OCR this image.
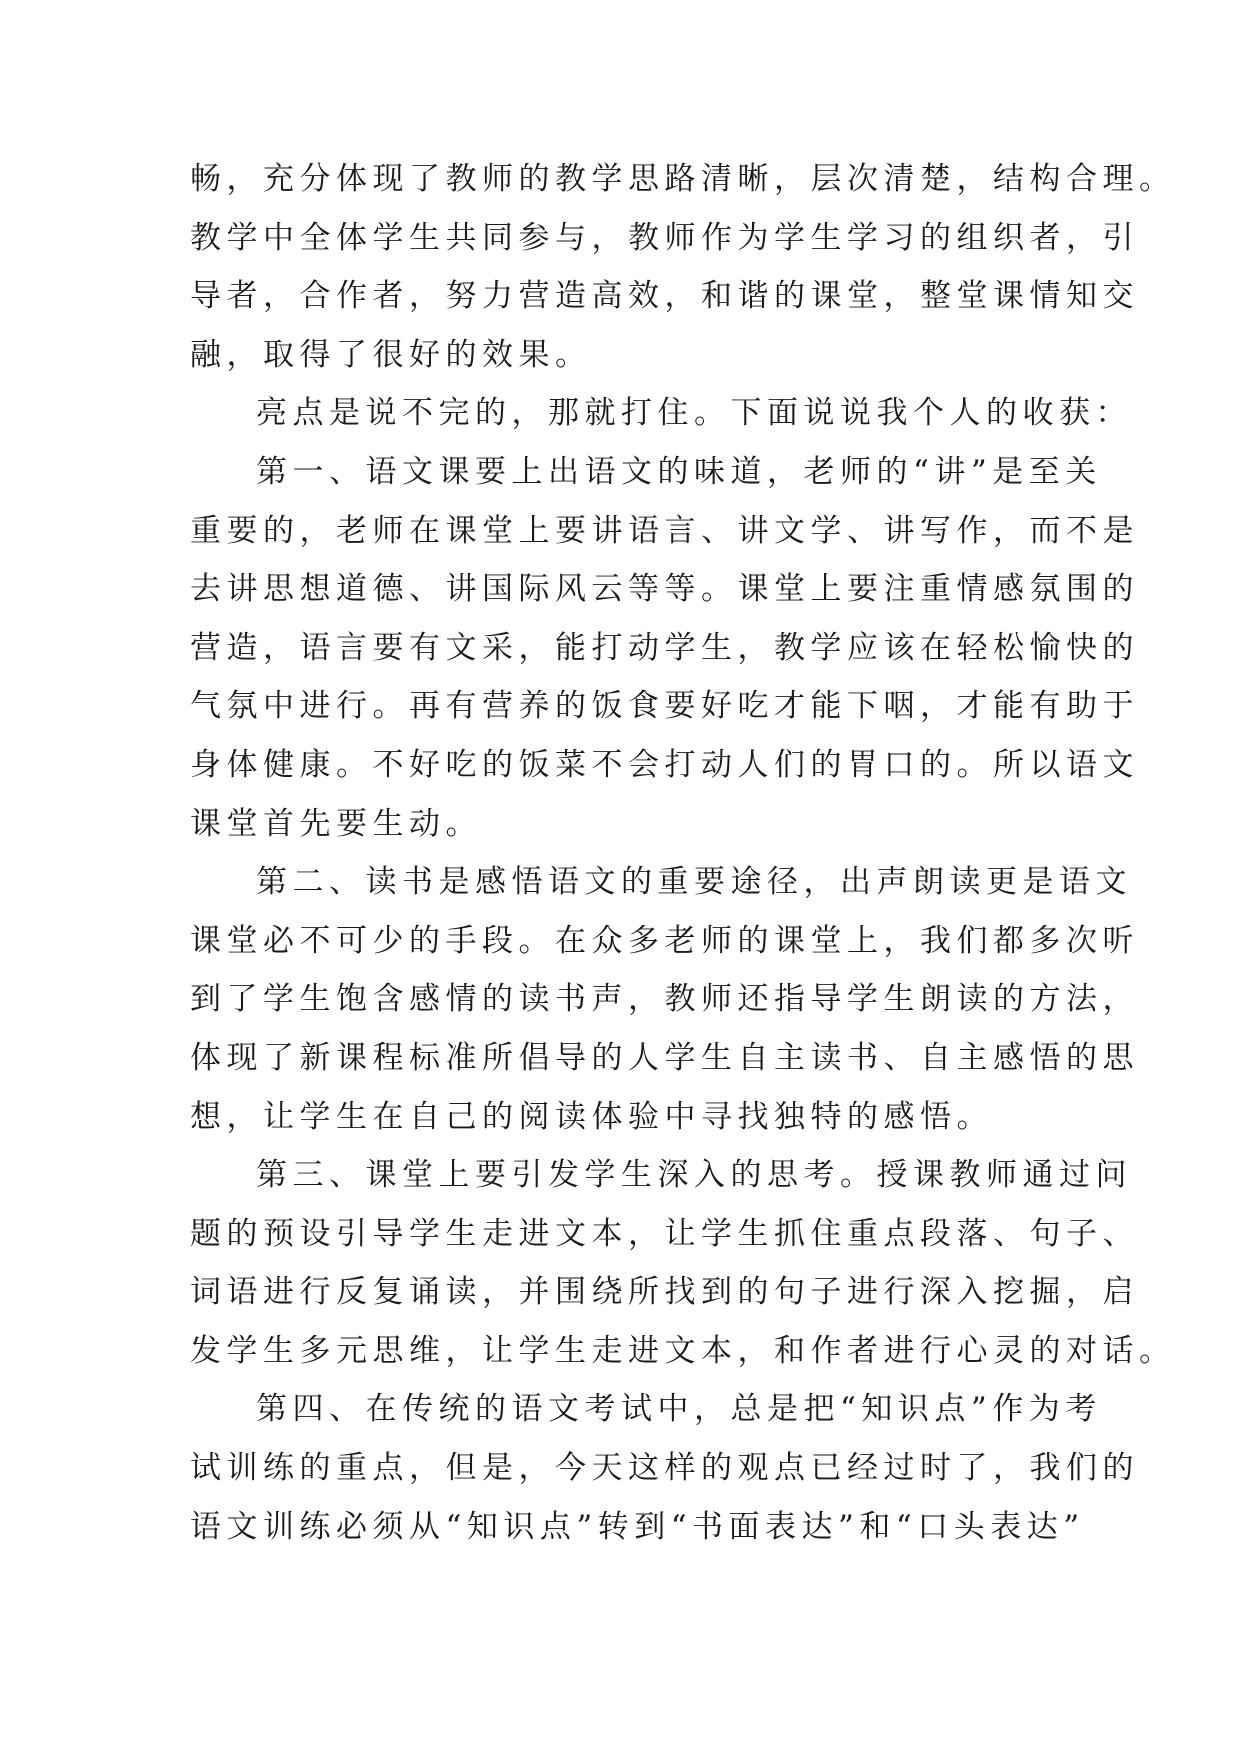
畅，充分体现了教师的教学思路清晰，层次清楚，结构合理。
教学中全体学生共同参与，教师作为学生学习的组织者，引
导者，合作者，努力营造高效，和谐的课堂，整堂课情知交
融，取得了很好的效果。
亮点是说不完的，那就打住。下面说说我个人的收获：
第一、语文课要上出语文的味道，老师的“讲”是至关
重要的，老师在课堂上要讲语言、讲文学、讲写作，而不是
去讲思想道德、讲国际风云等等。课堂上要注重情感氛围的
营造，语言要有文采，能打动学生，教学应该在轻松愉快的
气氛中进行。再有营养的饭食要好吃才能下咽，才能有助于
身体健康。不好吃的饭菜不会打动人们的胃口的。所以语文
课堂首先要生动。
第二、读书是感悟语文的重要途径，出声朗读更是语文
课堂必不可少的手段。在众多老师的课堂上，我们都多次听
到了学生饱含感情的读书声，教师还指导学生朗读的方法，
体现了新课程标准所倡导的人学生自主读书、自主感悟的思
想，让学生在自己的阅读体验中寻找独特的感悟。
第三、课堂上要引发学生深入的思考。授课教师通过问
题的预设引导学生走进文本，让学生抓住重点段落、句子、
词语进行反复诵读，并围绕所找到的句子进行深入挖掘，启
发学生多元思维，让学生走进文本，和作者进行心灵的对话。
第四、在传统的语文考试中，总是把“知识点”作为考
试训练的重点，但是，今天这样的观点已经过时了，我们的
语文训练必须从“知识点”转到“书面表达”和“口头表达”
